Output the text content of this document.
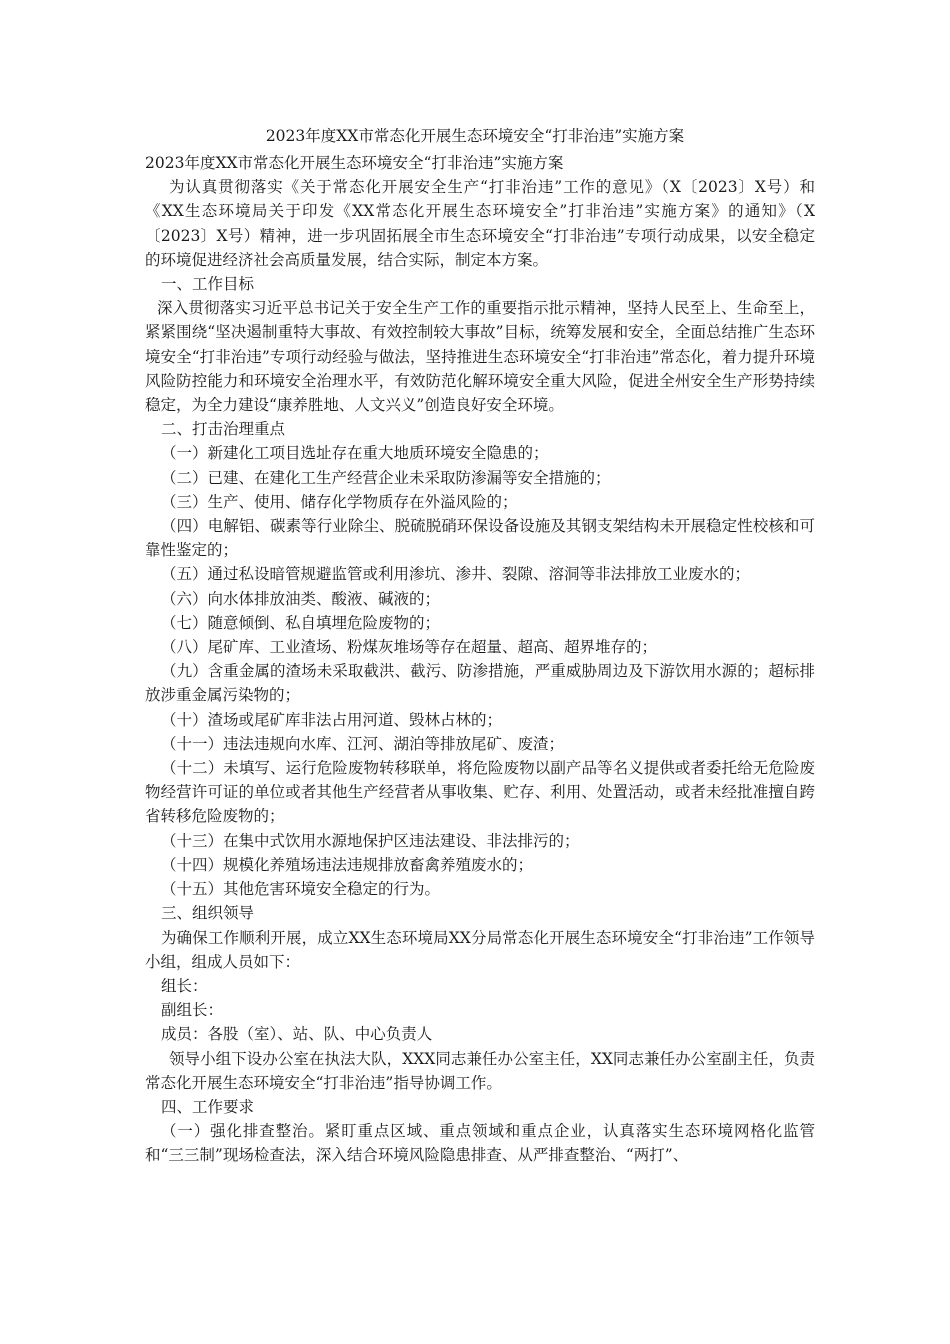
2023年度XX市常态化开展生态环境安全“打非治违”实施方案

2023年度XX市常态化开展生态环境安全“打非治违”实施方案

为认真贯彻落实《关于常态化开展安全生产“打非治违”工作的意见》（X〔2023〕X号）和《XX生态环境局关于印发《XX常态化开展生态环境安全”打非治违”实施方案》的通知》（X〔2023〕X号）精神，进一步巩固拓展全市生态环境安全“打非治违”专项行动成果，以安全稳定的环境促进经济社会高质量发展，结合实际，制定本方案。

一、工作目标

深入贯彻落实习近平总书记关于安全生产工作的重要指示批示精神，坚持人民至上、生命至上，紧紧围绕“坚决遏制重特大事故、有效控制较大事故”目标，统筹发展和安全，全面总结推广生态环境安全“打非治违”专项行动经验与做法，坚持推进生态环境安全“打非治违”常态化，着力提升环境风险防控能力和环境安全治理水平，有效防范化解环境安全重大风险，促进全州安全生产形势持续稳定，为全力建设“康养胜地、人文兴义”创造良好安全环境。

二、打击治理重点

（一）新建化工项目选址存在重大地质环境安全隐患的；

（二）已建、在建化工生产经营企业未采取防渗漏等安全措施的；

（三）生产、使用、储存化学物质存在外溢风险的；

（四）电解铝、碳素等行业除尘、脱硫脱硝环保设备设施及其钢支架结构未开展稳定性校核和可靠性鉴定的；

（五）通过私设暗管规避监管或利用渗坑、渗井、裂隙、溶洞等非法排放工业废水的；

（六）向水体排放油类、酸液、碱液的；

（七）随意倾倒、私自填埋危险废物的；

（八）尾矿库、工业渣场、粉煤灰堆场等存在超量、超高、超界堆存的；

（九）含重金属的渣场未采取截洪、截污、防渗措施，严重威胁周边及下游饮用水源的；超标排放涉重金属污染物的；

（十）渣场或尾矿库非法占用河道、毁林占林的；

（十一）违法违规向水库、江河、湖泊等排放尾矿、废渣；

（十二）未填写、运行危险废物转移联单，将危险废物以副产品等名义提供或者委托给无危险废物经营许可证的单位或者其他生产经营者从事收集、贮存、利用、处置活动，或者未经批准擅自跨省转移危险废物的；

（十三）在集中式饮用水源地保护区违法建设、非法排污的；

（十四）规模化养殖场违法违规排放畜禽养殖废水的；

（十五）其他危害环境安全稳定的行为。

三、组织领导

为确保工作顺利开展，成立XX生态环境局XX分局常态化开展生态环境安全“打非治违”工作领导小组，组成人员如下：

组长：

副组长：

成员：各股（室）、站、队、中心负责人

领导小组下设办公室在执法大队，XXX同志兼任办公室主任，XX同志兼任办公室副主任，负责常态化开展生态环境安全“打非治违”指导协调工作。

四、工作要求

（一）强化排查整治。紧盯重点区域、重点领域和重点企业，认真落实生态环境网格化监管和“三三制”现场检查法，深入结合环境风险隐患排查、从严排查整治、“两打”、
